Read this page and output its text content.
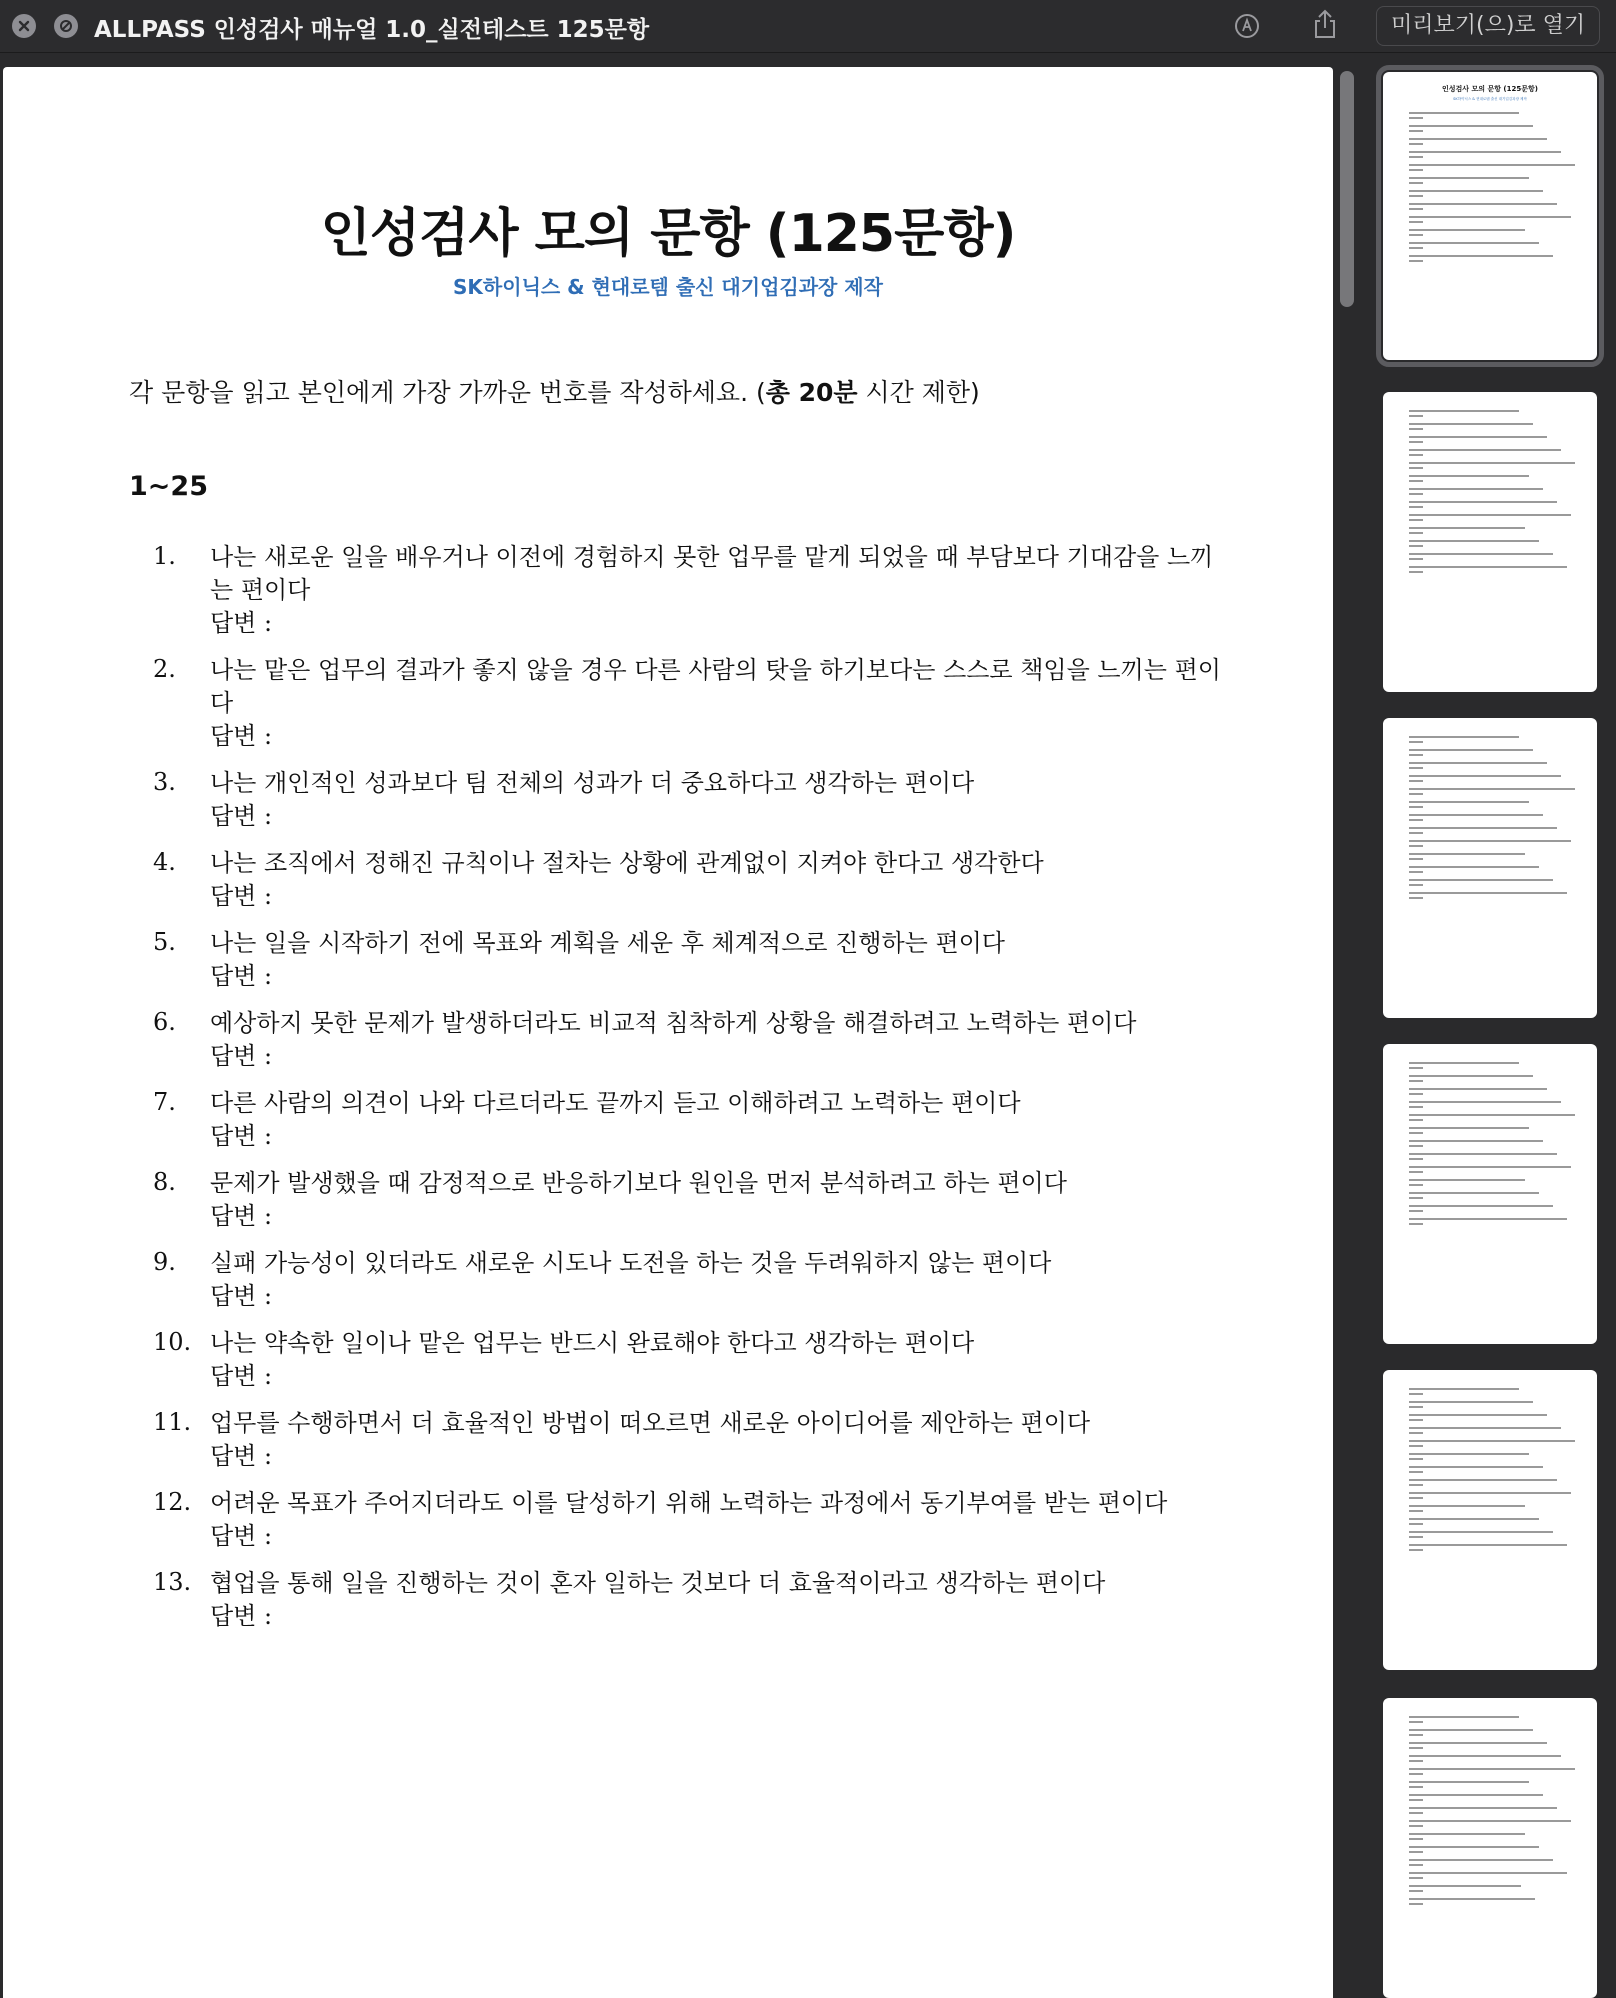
ALLPASS 인성검사 매뉴얼 1.0_실전테스트 125문항	미리보기(으)로 열기
인성검사 모의 문항 (125문항)
SK하이닉스 & 현대로템 출신 대기업김과장 제작
각 문항을 읽고 본인에게 가장 가까운 번호를 작성하세요. (총 20분 시간 제한)
1~25
1. 나는 새로운 일을 배우거나 이전에 경험하지 못한 업무를 맡게 되었을 때 부담보다 기대감을 느끼는 편이다
답변 :
2. 나는 맡은 업무의 결과가 좋지 않을 경우 다른 사람의 탓을 하기보다는 스스로 책임을 느끼는 편이다
답변 :
3. 나는 개인적인 성과보다 팀 전체의 성과가 더 중요하다고 생각하는 편이다
답변 :
4. 나는 조직에서 정해진 규칙이나 절차는 상황에 관계없이 지켜야 한다고 생각한다
답변 :
5. 나는 일을 시작하기 전에 목표와 계획을 세운 후 체계적으로 진행하는 편이다
답변 :
6. 예상하지 못한 문제가 발생하더라도 비교적 침착하게 상황을 해결하려고 노력하는 편이다
답변 :
7. 다른 사람의 의견이 나와 다르더라도 끝까지 듣고 이해하려고 노력하는 편이다
답변 :
8. 문제가 발생했을 때 감정적으로 반응하기보다 원인을 먼저 분석하려고 하는 편이다
답변 :
9. 실패 가능성이 있더라도 새로운 시도나 도전을 하는 것을 두려워하지 않는 편이다
답변 :
10. 나는 약속한 일이나 맡은 업무는 반드시 완료해야 한다고 생각하는 편이다
답변 :
11. 업무를 수행하면서 더 효율적인 방법이 떠오르면 새로운 아이디어를 제안하는 편이다
답변 :
12. 어려운 목표가 주어지더라도 이를 달성하기 위해 노력하는 과정에서 동기부여를 받는 편이다
답변 :
13. 협업을 통해 일을 진행하는 것이 혼자 일하는 것보다 더 효율적이라고 생각하는 편이다
답변 :
인성검사 모의 문항 (125문항)
SK하이닉스 & 현대로템 출신 대기업김과장 제작
